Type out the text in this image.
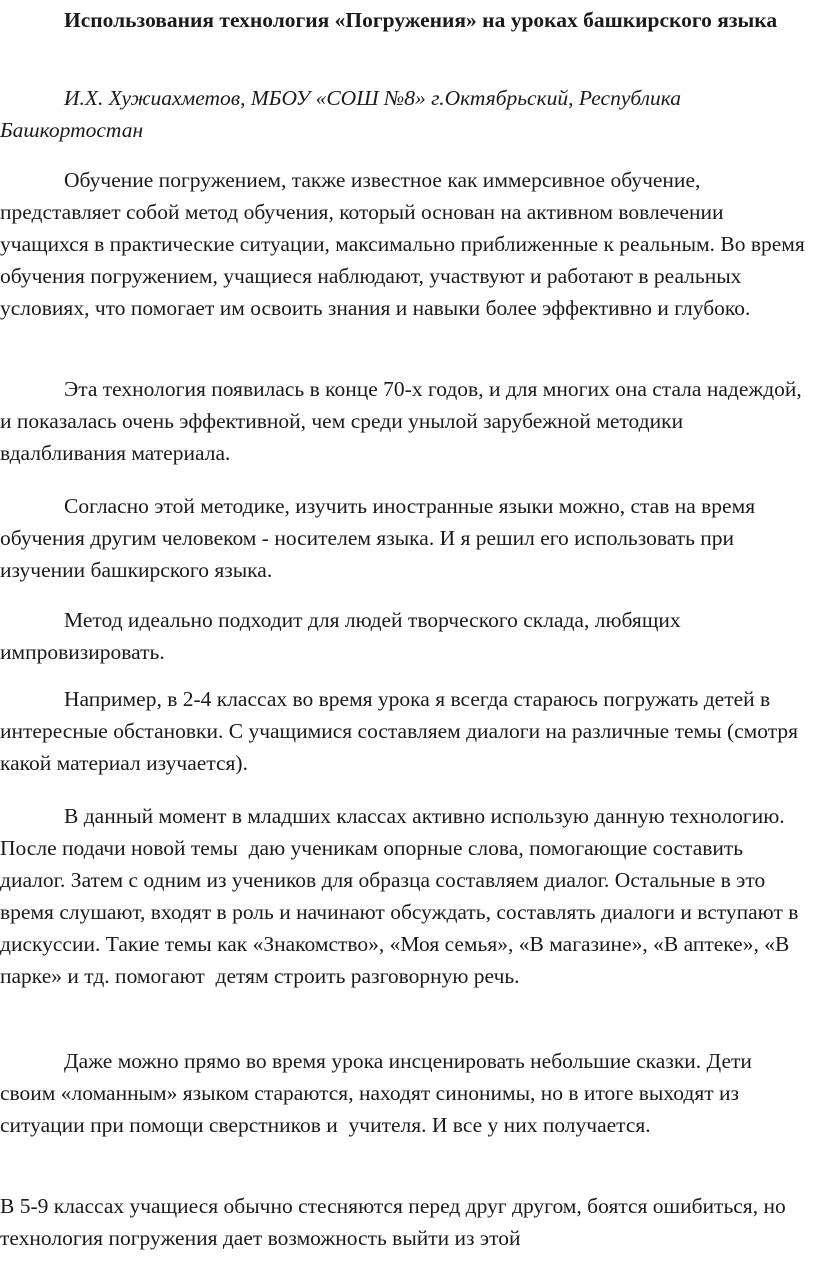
Использования технология «Погружения» на уроках башкирского языка

И.Х. Хужиахметов, МБОУ «СОШ №8» г.Октябрьский, Республика Башкортостан

Обучение погружением, также известное как иммерсивное обучение, представляет собой метод обучения, который основан на активном вовлечении учащихся в практические ситуации, максимально приближенные к реальным. Во время обучения погружением, учащиеся наблюдают, участвуют и работают в реальных условиях, что помогает им освоить знания и навыки более эффективно и глубоко.

Эта технология появилась в конце 70-х годов, и для многих она стала надеждой, и показалась очень эффективной, чем среди унылой зарубежной методики вдалбливания материала.

Согласно этой методике, изучить иностранные языки можно, став на время обучения другим человеком - носителем языка. И я решил его использовать при изучении башкирского языка.

Метод идеально подходит для людей творческого склада, любящих импровизировать.

Например, в 2-4 классах во время урока я всегда стараюсь погружать детей в интересные обстановки. С учащимися составляем диалоги на различные темы (смотря какой материал изучается).

В данный момент в младших классах активно использую данную технологию. После подачи новой темы  даю ученикам опорные слова, помогающие составить диалог. Затем с одним из учеников для образца составляем диалог. Остальные в это время слушают, входят в роль и начинают обсуждать, составлять диалоги и вступают в дискуссии. Такие темы как «Знакомство», «Моя семья», «В магазине», «В аптеке», «В парке» и тд. помогают  детям строить разговорную речь.

Даже можно прямо во время урока инсценировать небольшие сказки. Дети своим «ломанным» языком стараются, находят синонимы, но в итоге выходят из ситуации при помощи сверстников и  учителя. И все у них получается.

В 5-9 классах учащиеся обычно стесняются перед друг другом, боятся ошибиться, но технология погружения дает возможность выйти из этой
